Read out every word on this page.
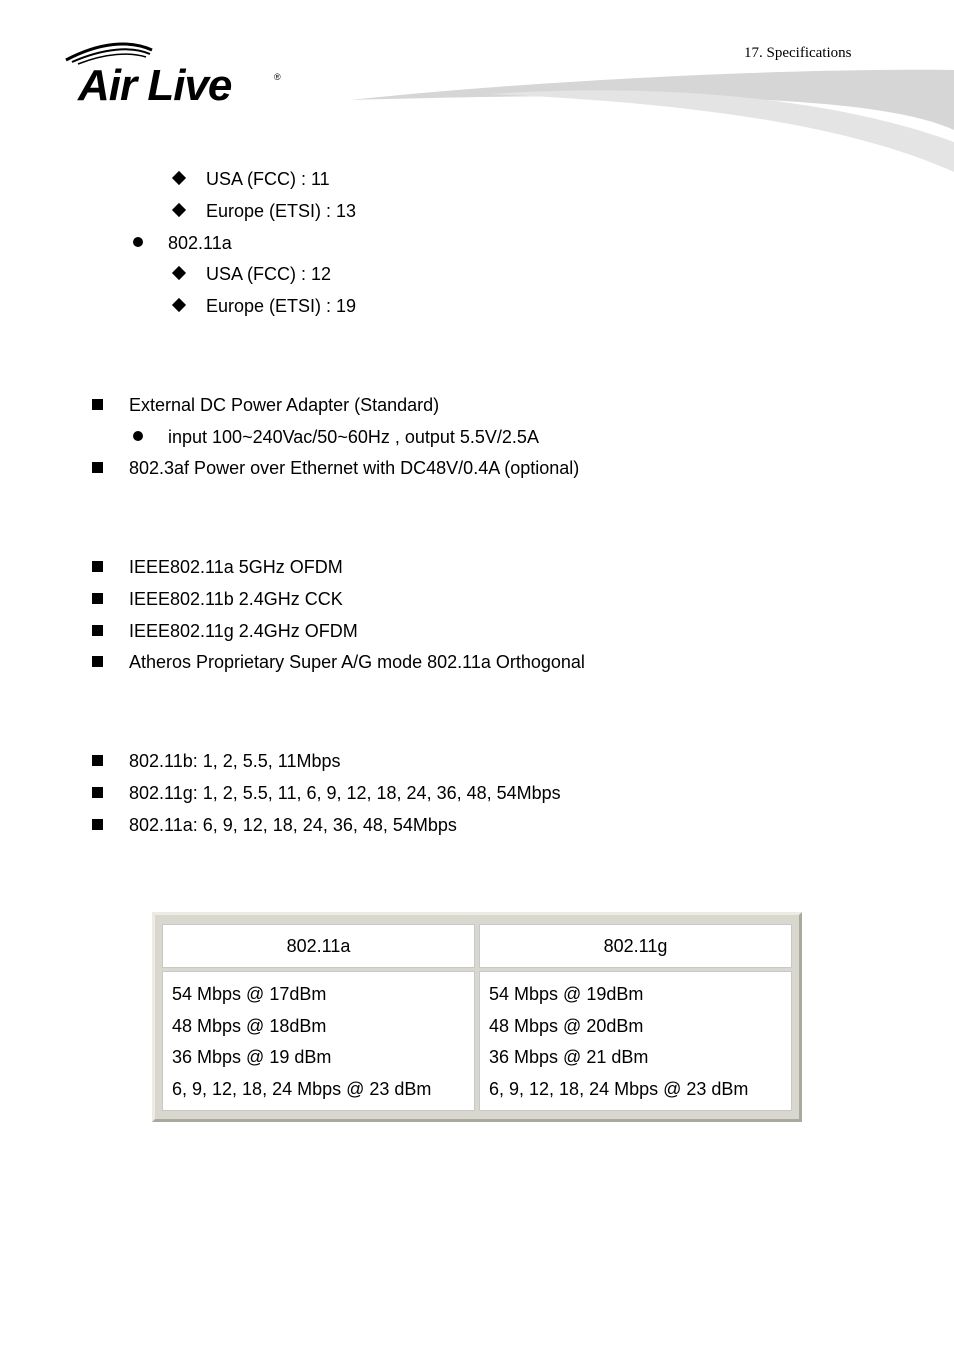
Air Live	®
17. Specifications
USA (FCC) : 11
Europe (ETSI) : 13
802.11a
USA (FCC) : 12
Europe (ETSI) : 19
External DC Power Adapter (Standard)
input 100~240Vac/50~60Hz , output 5.5V/2.5A
802.3af Power over Ethernet with DC48V/0.4A (optional)
IEEE802.11a 5GHz OFDM
IEEE802.11b 2.4GHz CCK
IEEE802.11g 2.4GHz OFDM
Atheros Proprietary Super A/G mode 802.11a Orthogonal
802.11b: 1, 2, 5.5, 11Mbps
802.11g: 1, 2, 5.5, 11, 6, 9, 12, 18, 24, 36, 48, 54Mbps
802.11a: 6, 9, 12, 18, 24, 36, 48, 54Mbps
802.11a	802.11g
54 Mbps @ 17dBm
48 Mbps @ 18dBm
36 Mbps @ 19 dBm
6, 9, 12, 18, 24 Mbps @ 23 dBm
54 Mbps @ 19dBm
48 Mbps @ 20dBm
36 Mbps @ 21 dBm
6, 9, 12, 18, 24 Mbps @ 23 dBm
